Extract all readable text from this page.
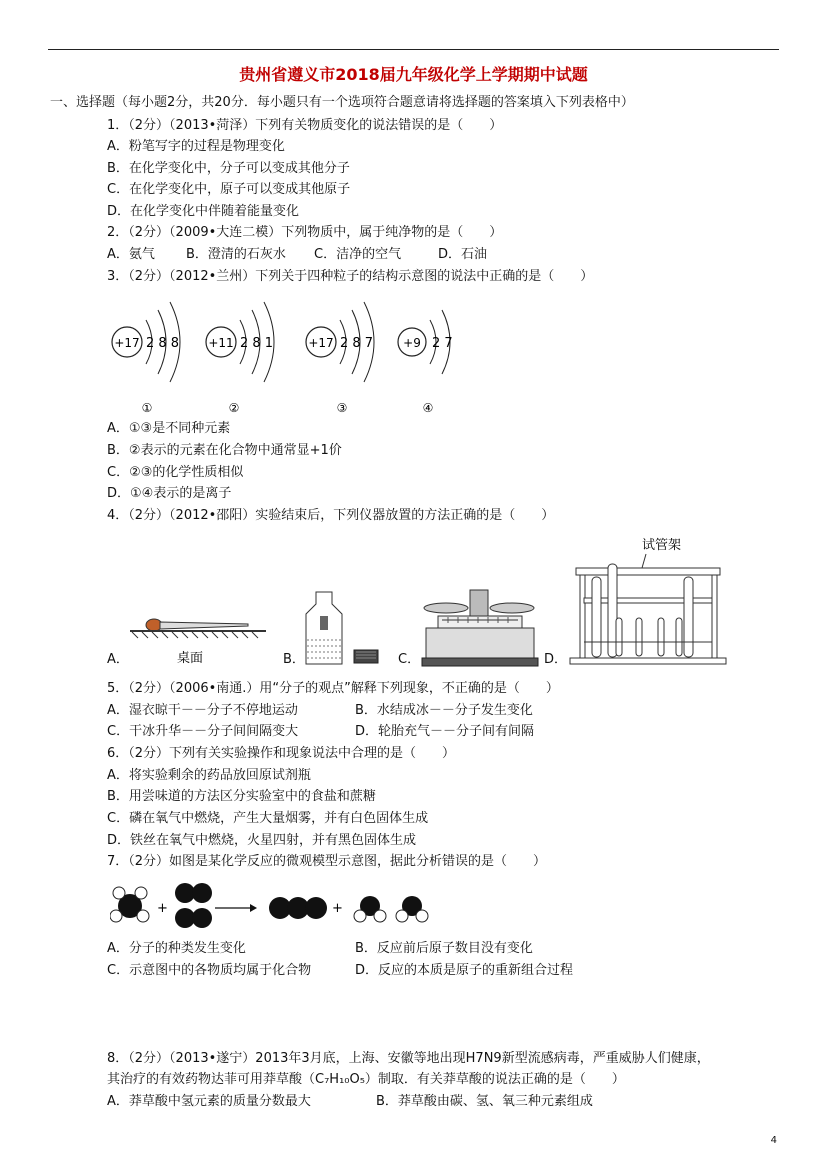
贵州省遵义市2018届九年级化学上学期期中试题
一、选择题（每小题2分，共20分．每小题只有一个选项符合题意请将选择题的答案填入下列表格中）
1．（2分）（2013•菏泽）下列有关物质变化的说法错误的是（　　）
A．粉笔写字的过程是物理变化
B．在化学变化中，分子可以变成其他分子
C．在化学变化中，原子可以变成其他原子
D．在化学变化中伴随着能量变化
2．（2分）（2009•大连二模）下列物质中，属于纯净物的是（　　）
A．氨气 B．澄清的石灰水 C．洁净的空气	D．石油
3．（2分）（2012•兰州）下列关于四种粒子的结构示意图的说法中正确的是（　　）
+17 2 8 8
①
+11 2 8 1
②
+17 2 8 7
③
+9 2 7
④
A．①③是不同种元素
B．②表示的元素在化合物中通常显+1价
C．②③的化学性质相似
D．①④表示的是离子
4．（2分）（2012•邵阳）实验结束后，下列仪器放置的方法正确的是（　　）
A．	桌面	B．	C．	D．
试管架
5．（2分）（2006•南通.）用“分子的观点”解释下列现象，不正确的是（　　）
A．湿衣晾干－－分子不停地运动	B．水结成冰－－分子发生变化
C．干冰升华－－分子间间隔变大	D．轮胎充气－－分子间有间隔
6．（2分）下列有关实验操作和现象说法中合理的是（　　）
A．将实验剩余的药品放回原试剂瓶
B．用尝味道的方法区分实验室中的食盐和蔗糖
C．磷在氧气中燃烧，产生大量烟雾，并有白色固体生成
D．铁丝在氧气中燃烧，火星四射，并有黑色固体生成
7．（2分）如图是某化学反应的微观模型示意图，据此分析错误的是（　　）
+	+
A．分子的种类发生变化	B．反应前后原子数目没有变化
C．示意图中的各物质均属于化合物	D．反应的本质是原子的重新组合过程
8．（2分）（2013•遂宁）2013年3月底，上海、安徽等地出现H7N9新型流感病毒，严重威胁人们健康，
其治疗的有效药物达菲可用莽草酸（C₇H₁₀O₅）制取．有关莽草酸的说法正确的是（　　）
A．莽草酸中氢元素的质量分数最大	B．莽草酸由碳、氢、氧三种元素组成
4
